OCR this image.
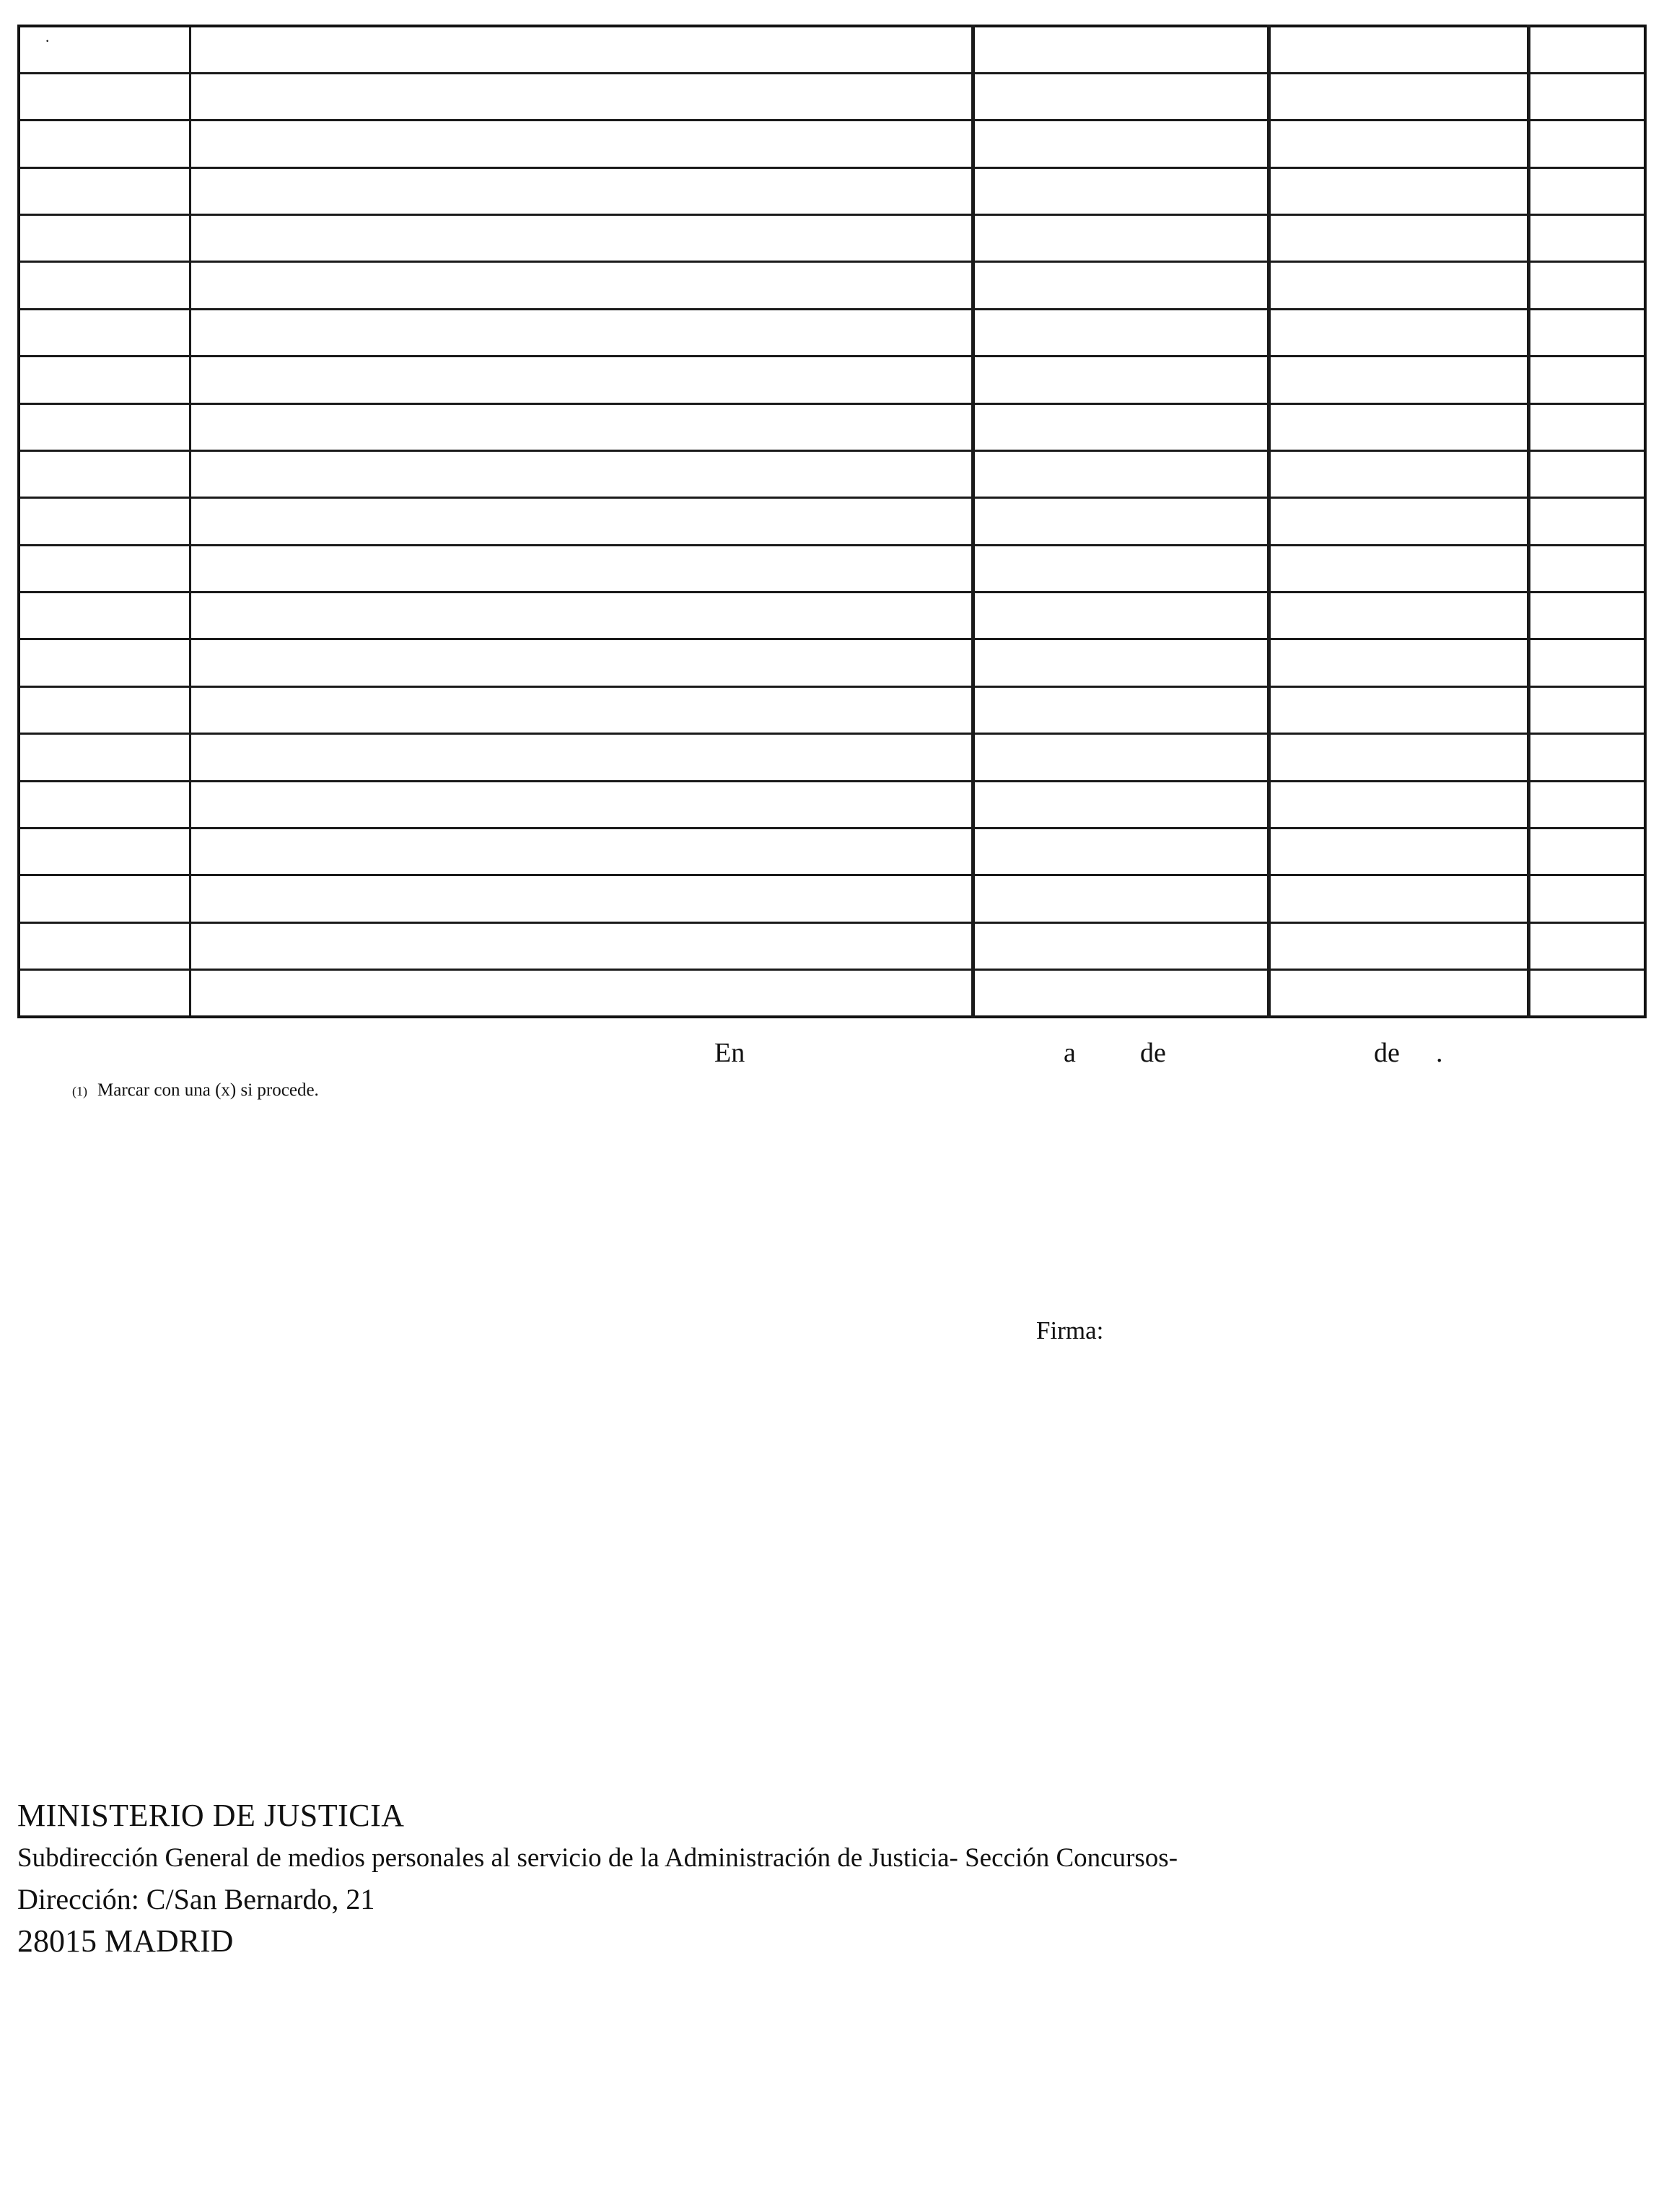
·
En	a de	de .
(1) Marcar con una (x) si procede.
Firma:
MINISTERIO DE JUSTICIA
Subdirección General de medios personales al servicio de la Administración de Justicia- Sección Concursos-
Dirección: C/San Bernardo, 21
28015 MADRID
